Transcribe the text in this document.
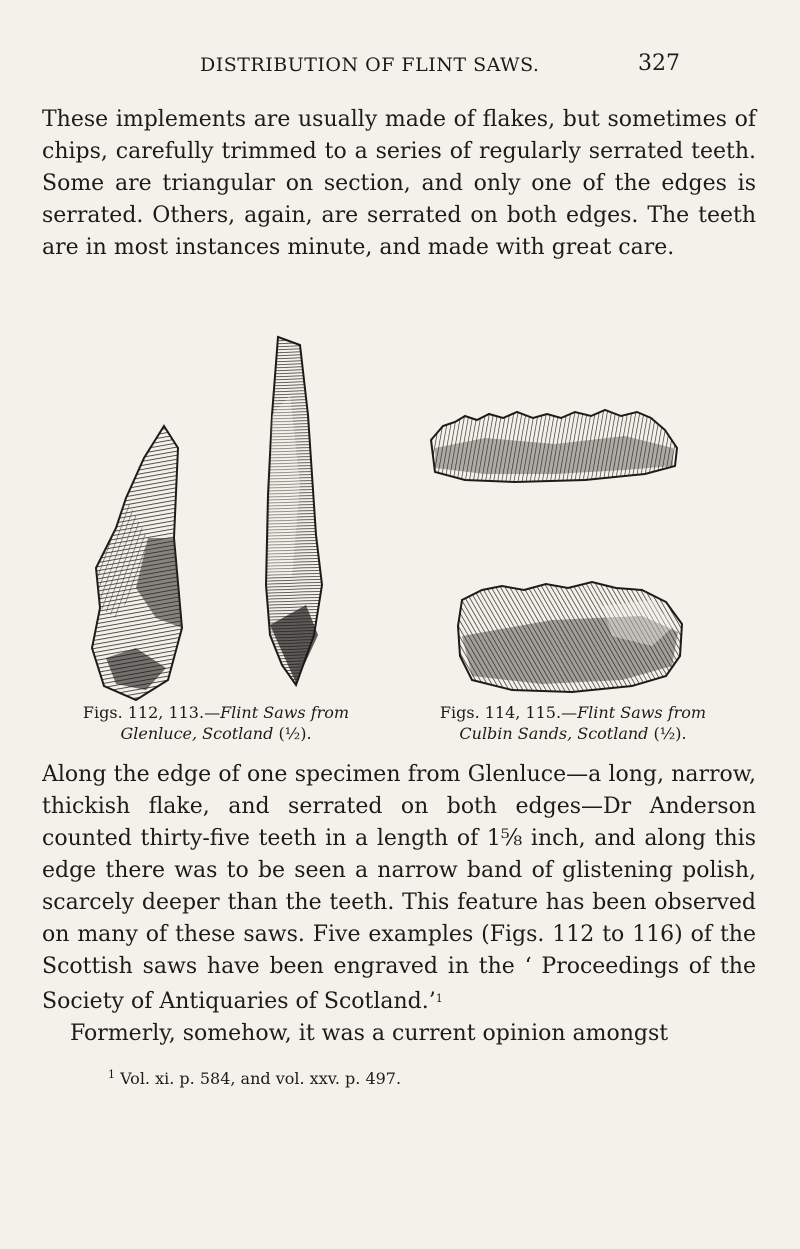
DISTRIBUTION OF FLINT SAWS.	327

These implements are usually made of flakes, but sometimes of chips, carefully trimmed to a series of regularly serrated teeth. Some are triangular on section, and only one of the edges is serrated. Others, again, are serrated on both edges. The teeth are in most instances minute, and made with great care.

Figs. 112, 113.—Flint Saws from
Glenluce, Scotland (½).
Figs. 114, 115.—Flint Saws from
Culbin Sands, Scotland (½).

Along the edge of one specimen from Glenluce—a long, narrow, thickish flake, and serrated on both edges—Dr Anderson counted thirty-five teeth in a length of 1⅝ inch, and along this edge there was to be seen a narrow band of glistening polish, scarcely deeper than the teeth. This feature has been observed on many of these saws. Five examples (Figs. 112 to 116) of the Scottish saws have been engraved in the ‘ Proceedings of the Society of Antiquaries of Scotland.’$^1$

Formerly, somehow, it was a current opinion amongst

$^1$ Vol. xi. p. 584, and vol. xxv. p. 497.
